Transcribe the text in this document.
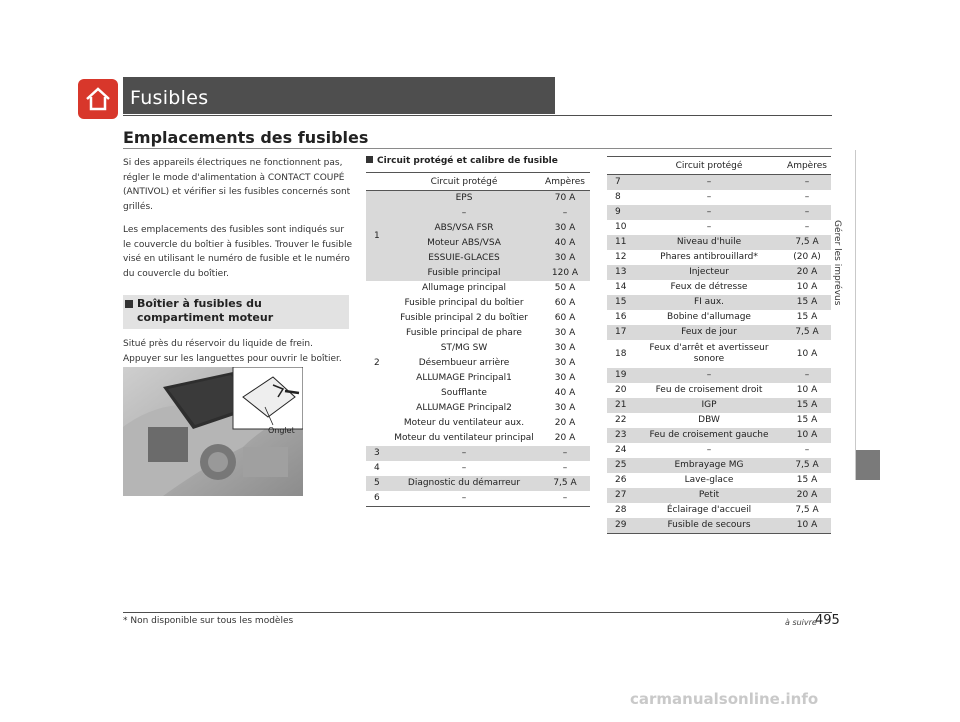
Fusibles
Emplacements des fusibles
Si des appareils électriques ne fonctionnent pas, régler le mode d'alimentation à CONTACT COUPÉ (ANTIVOL) et vérifier si les fusibles concernés sont grillés.
Les emplacements des fusibles sont indiqués sur le couvercle du boîtier à fusibles. Trouver le fusible visé en utilisant le numéro de fusible et le numéro du couvercle du boîtier.
Boîtier à fusibles du
compartiment moteur
Situé près du réservoir du liquide de frein. Appuyer sur les languettes pour ouvrir le boîtier.
Onglet
Circuit protégé et calibre de fusible
	Circuit protégé	Ampères
1	EPS	70 A
	–	–
	ABS/VSA FSR	30 A
	Moteur ABS/VSA	40 A
	ESSUIE-GLACES	30 A
	Fusible principal	120 A
2	Allumage principal	50 A
	Fusible principal du boîtier	60 A
	Fusible principal 2 du boîtier	60 A
	Fusible principal de phare	30 A
	ST/MG SW	30 A
	Désembueur arrière	30 A
	ALLUMAGE Principal1	30 A
	Soufflante	40 A
	ALLUMAGE Principal2	30 A
	Moteur du ventilateur aux.	20 A
	Moteur du ventilateur principal	20 A
3	–	–
4	–	–
5	Diagnostic du démarreur	7,5 A
6	–	–
	Circuit protégé	Ampères
7	–	–
8	–	–
9	–	–
10	–	–
11	Niveau d'huile	7,5 A
12	Phares antibrouillard*	(20 A)
13	Injecteur	20 A
14	Feux de détresse	10 A
15	FI aux.	15 A
16	Bobine d'allumage	15 A
17	Feux de jour	7,5 A
18	Feux d'arrêt et avertisseur sonore	10 A
19	–	–
20	Feu de croisement droit	10 A
21	IGP	15 A
22	DBW	15 A
23	Feu de croisement gauche	10 A
24	–	–
25	Embrayage MG	7,5 A
26	Lave-glace	15 A
27	Petit	20 A
28	Éclairage d'accueil	7,5 A
29	Fusible de secours	10 A
Gérer les imprévus
* Non disponible sur tous les modèles	à suivre
495
carmanualsonline.info
